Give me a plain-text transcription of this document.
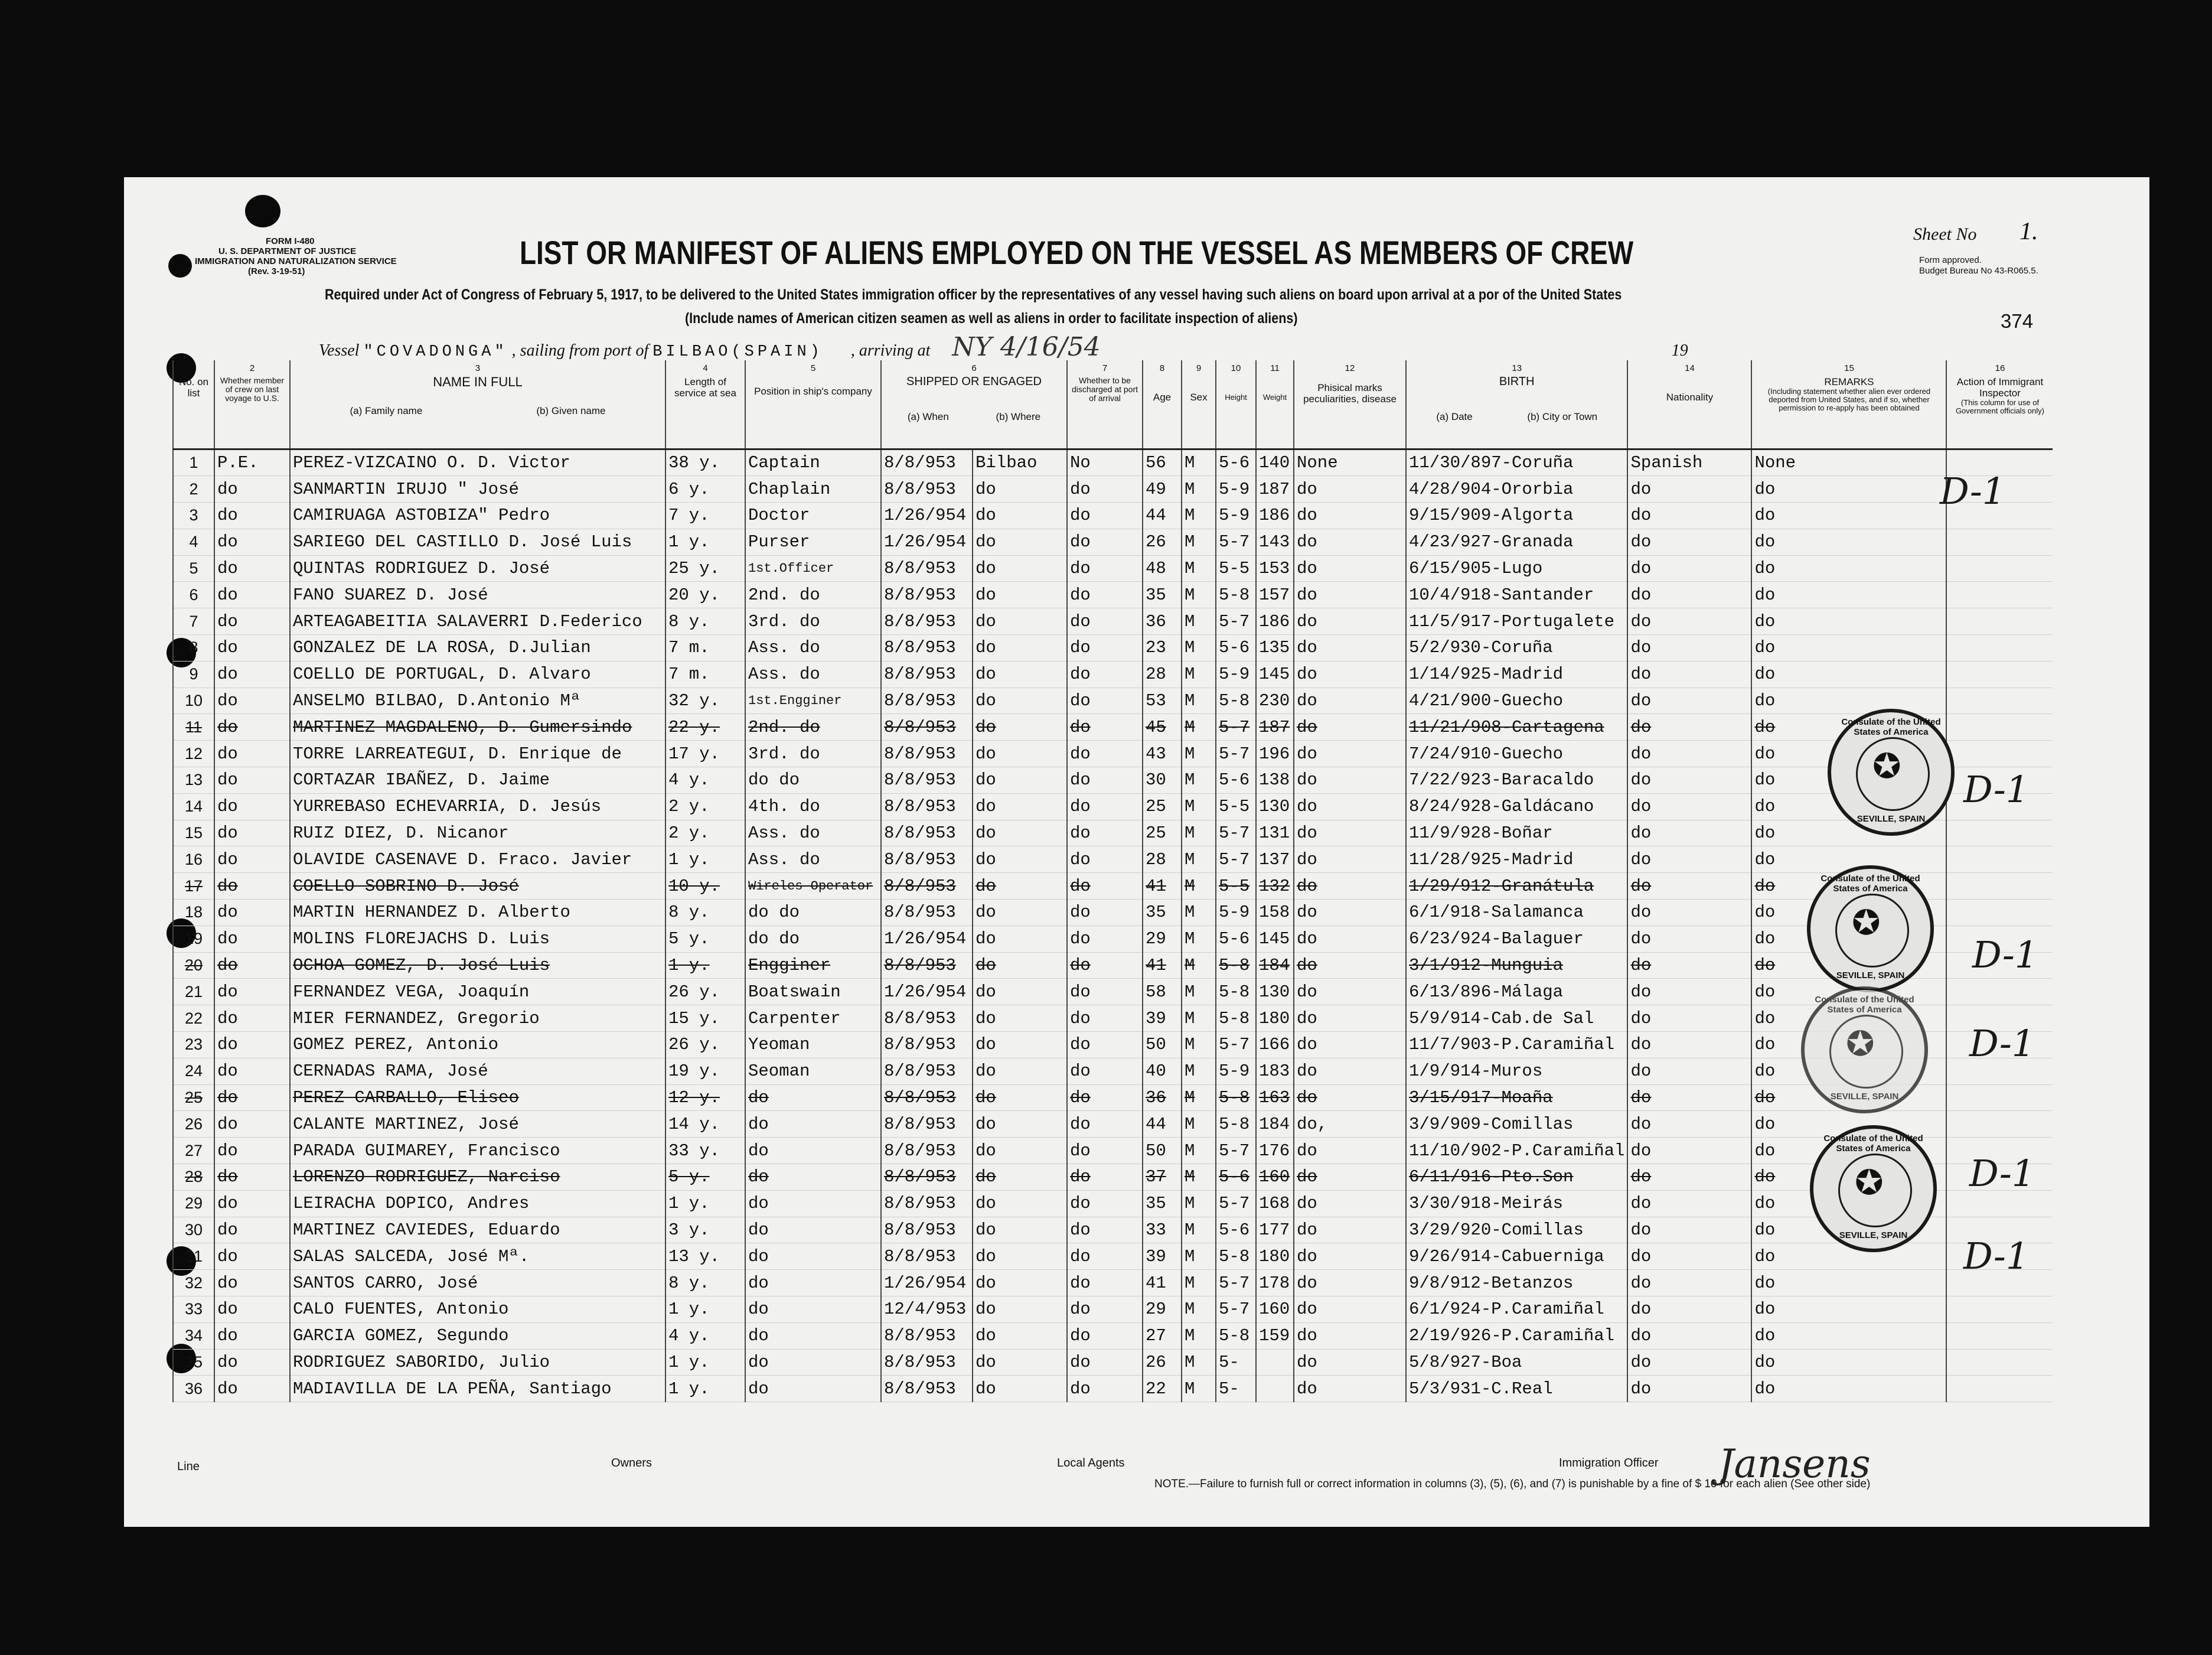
FORM I-480
U. S. DEPARTMENT OF JUSTICE
IMMIGRATION AND NATURALIZATION SERVICE
(Rev. 3-19-51)
LIST OR MANIFEST OF ALIENS EMPLOYED ON THE VESSEL AS MEMBERS OF CREW	Sheet No 1.
Form approved.
Budget Bureau No 43-R065.5.
Required under Act of Congress of February 5, 1917, to be delivered to the United States immigration officer by the representatives of any vessel having such aliens on board upon arrival at a por of the United States
(Include names of American citizen seamen as well as aliens in order to facilitate inspection of aliens)	374
Vessel "COVADONGA" , sailing from port of BILBAO(SPAIN) , arriving at NY 4/16/54	19
1
No. on list	2
Whether member of crew on last voyage to U.S.	3
NAME IN FULL
(a) Family name (b) Given name	4
Length of service at sea	5
Position in ship's company	6
SHIPPED OR ENGAGED
(a) When (b) Where		7
Whether to be discharged at port of arrival	8
Age	9
Sex	10
Height	11
Weight	12
Phisical marks peculiarities, disease	13
BIRTH
(a) Date (b) City or Town	14
Nationality	15
REMARKS
(Including statement whether alien ever ordered deported from United States, and if so, whether permission to re-apply has been obtained	16
Action of Immigrant Inspector
(This column for use of Government officials only)

1	P.E.	PEREZ-VIZCAINO O. D. Victor	38 y.	Captain	8/8/953	Bilbao	No	56	M	5-6	140	None	11/30/897-Coruña	Spanish	None	
2	do	SANMARTIN IRUJO " José	6 y.	Chaplain	8/8/953	do	do	49	M	5-9	187	do	4/28/904-Ororbia	do	do	
3	do	CAMIRUAGA ASTOBIZA" Pedro	7 y.	Doctor	1/26/954	do	do	44	M	5-9	186	do	9/15/909-Algorta	do	do	
4	do	SARIEGO DEL CASTILLO D. José Luis	1 y.	Purser	1/26/954	do	do	26	M	5-7	143	do	4/23/927-Granada	do	do	
5	do	QUINTAS RODRIGUEZ D. José	25 y.	1st.Officer	8/8/953	do	do	48	M	5-5	153	do	6/15/905-Lugo	do	do	
6	do	FANO SUAREZ D. José	20 y.	2nd. do	8/8/953	do	do	35	M	5-8	157	do	10/4/918-Santander	do	do	
7	do	ARTEAGABEITIA SALAVERRI D.Federico	8 y.	3rd. do	8/8/953	do	do	36	M	5-7	186	do	11/5/917-Portugalete	do	do	
8	do	GONZALEZ DE LA ROSA, D.Julian	7 m.	Ass. do	8/8/953	do	do	23	M	5-6	135	do	5/2/930-Coruña	do	do	
9	do	COELLO DE PORTUGAL, D. Alvaro	7 m.	Ass. do	8/8/953	do	do	28	M	5-9	145	do	1/14/925-Madrid	do	do	
10	do	ANSELMO BILBAO, D.Antonio Mª	32 y.	1st.Engginer	8/8/953	do	do	53	M	5-8	230	do	4/21/900-Guecho	do	do	
11	do	MARTINEZ MAGDALENO, D. Gumersindo	22 y.	2nd. do	8/8/953	do	do	45	M	5-7	187	do	11/21/908-Cartagena	do	do	
12	do	TORRE LARREATEGUI, D. Enrique de	17 y.	3rd. do	8/8/953	do	do	43	M	5-7	196	do	7/24/910-Guecho	do	do	
13	do	CORTAZAR IBAÑEZ, D. Jaime	4 y.	do do	8/8/953	do	do	30	M	5-6	138	do	7/22/923-Baracaldo	do	do	
14	do	YURREBASO ECHEVARRIA, D. Jesús	2 y.	4th. do	8/8/953	do	do	25	M	5-5	130	do	8/24/928-Galdácano	do	do	
15	do	RUIZ DIEZ, D. Nicanor	2 y.	Ass. do	8/8/953	do	do	25	M	5-7	131	do	11/9/928-Boñar	do	do	
16	do	OLAVIDE CASENAVE D. Fraco. Javier	1 y.	Ass. do	8/8/953	do	do	28	M	5-7	137	do	11/28/925-Madrid	do	do	
17	do	COELLO SOBRINO D. José	10 y.	Wireles Operator	8/8/953	do	do	41	M	5-5	132	do	1/29/912-Granátula	do	do	
18	do	MARTIN HERNANDEZ D. Alberto	8 y.	do do	8/8/953	do	do	35	M	5-9	158	do	6/1/918-Salamanca	do	do	
19	do	MOLINS FLOREJACHS D. Luis	5 y.	do do	1/26/954	do	do	29	M	5-6	145	do	6/23/924-Balaguer	do	do	
20	do	OCHOA GOMEZ, D. José Luis	1 y.	Engginer	8/8/953	do	do	41	M	5-8	184	do	3/1/912-Munguia	do	do	
21	do	FERNANDEZ VEGA, Joaquín	26 y.	Boatswain	1/26/954	do	do	58	M	5-8	130	do	6/13/896-Málaga	do	do	
22	do	MIER FERNANDEZ, Gregorio	15 y.	Carpenter	8/8/953	do	do	39	M	5-8	180	do	5/9/914-Cab.de Sal	do	do	
23	do	GOMEZ PEREZ, Antonio	26 y.	Yeoman	8/8/953	do	do	50	M	5-7	166	do	11/7/903-P.Caramiñal	do	do	
24	do	CERNADAS RAMA, José	19 y.	Seoman	8/8/953	do	do	40	M	5-9	183	do	1/9/914-Muros	do	do	
25	do	PEREZ CARBALLO, Eliseo	12 y.	do	8/8/953	do	do	36	M	5-8	163	do	3/15/917-Moaña	do	do	
26	do	CALANTE MARTINEZ, José	14 y.	do	8/8/953	do	do	44	M	5-8	184	do,	3/9/909-Comillas	do	do	
27	do	PARADA GUIMAREY, Francisco	33 y.	do	8/8/953	do	do	50	M	5-7	176	do	11/10/902-P.Caramiñal	do	do	
28	do	LORENZO RODRIGUEZ, Narciso	5 y.	do	8/8/953	do	do	37	M	5-6	160	do	6/11/916-Pto.Son	do	do	
29	do	LEIRACHA DOPICO, Andres	1 y.	do	8/8/953	do	do	35	M	5-7	168	do	3/30/918-Meirás	do	do	
30	do	MARTINEZ CAVIEDES, Eduardo	3 y.	do	8/8/953	do	do	33	M	5-6	177	do	3/29/920-Comillas	do	do	
31	do	SALAS SALCEDA, José Mª.	13 y.	do	8/8/953	do	do	39	M	5-8	180	do	9/26/914-Cabuerniga	do	do	
32	do	SANTOS CARRO, José	8 y.	do	1/26/954	do	do	41	M	5-7	178	do	9/8/912-Betanzos	do	do	
33	do	CALO FUENTES, Antonio	1 y.	do	12/4/953	do	do	29	M	5-7	160	do	6/1/924-P.Caramiñal	do	do	
34	do	GARCIA GOMEZ, Segundo	4 y.	do	8/8/953	do	do	27	M	5-8	159	do	2/19/926-P.Caramiñal	do	do	
35	do	RODRIGUEZ SABORIDO, Julio	1 y.	do	8/8/953	do	do	26	M	5-		do	5/8/927-Boa	do	do	
36	do	MADIAVILLA DE LA PEÑA, Santiago	1 y.	do	8/8/953	do	do	22	M	5-		do	5/3/931-C.Real	do	do	
✪
Consulate of the United States of America
SEVILLE, SPAIN
✪
Consulate of the United States of America
SEVILLE, SPAIN
✪
Consulate of the United States of America
SEVILLE, SPAIN
✪
Consulate of the United States of America
SEVILLE, SPAIN
D-1
D-1
D-1
D-1
D-1
D-1
Line	Owners	Local Agents	Immigration Officer
NOTE.—Failure to furnish full or correct information in columns (3), (5), (6), and (7) is punishable by a fine of $ 10 for each alien (See other side)
Jansens
